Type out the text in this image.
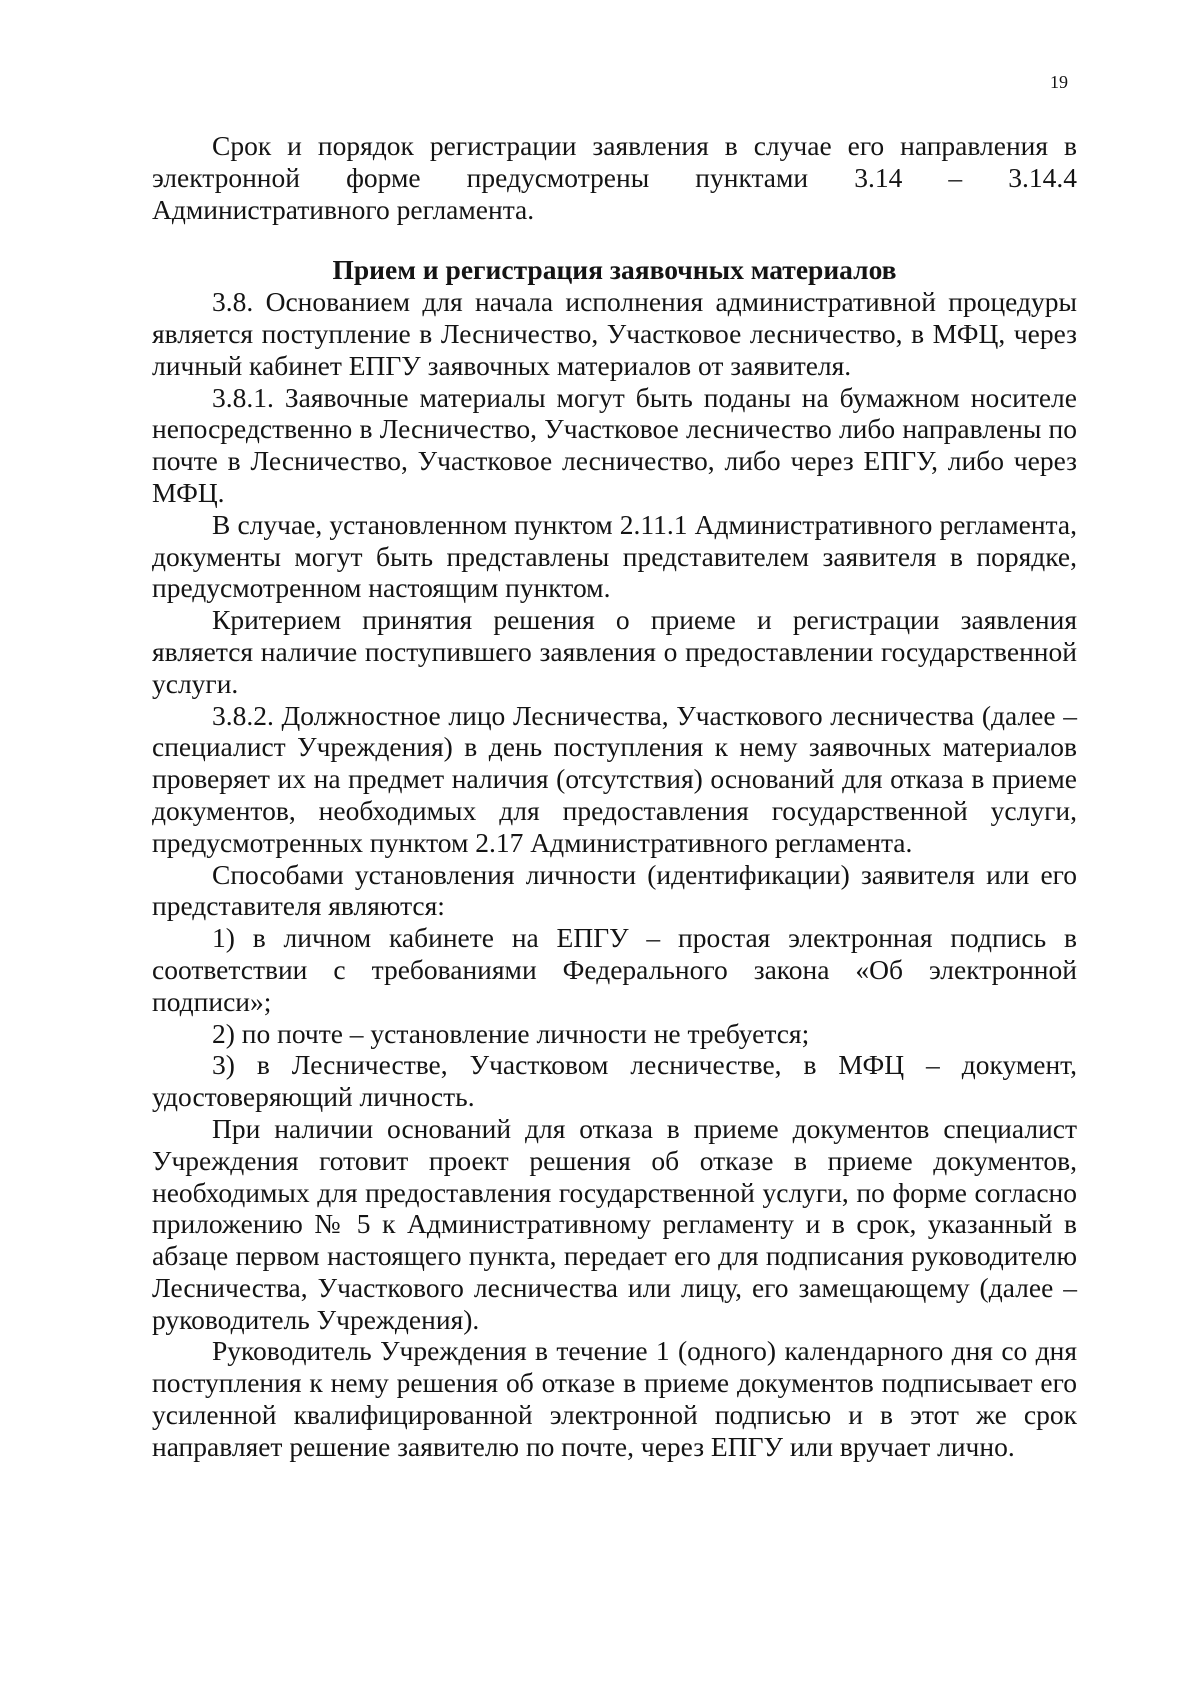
19

Срок и порядок регистрации заявления в случае его направления в электронной форме предусмотрены пунктами 3.14 – 3.14.4 Административного регламента.

Прием и регистрация заявочных материалов

3.8. Основанием для начала исполнения административной процедуры является поступление в Лесничество, Участковое лесничество, в МФЦ, через личный кабинет ЕПГУ заявочных материалов от заявителя.

3.8.1. Заявочные материалы могут быть поданы на бумажном носителе непосредственно в Лесничество, Участковое лесничество либо направлены по почте в Лесничество, Участковое лесничество, либо через ЕПГУ, либо через МФЦ.

В случае, установленном пунктом 2.11.1 Административного регламента, документы могут быть представлены представителем заявителя в порядке, предусмотренном настоящим пунктом.

Критерием принятия решения о приеме и регистрации заявления является наличие поступившего заявления о предоставлении государственной услуги.

3.8.2. Должностное лицо Лесничества, Участкового лесничества (далее – специалист Учреждения) в день поступления к нему заявочных материалов проверяет их на предмет наличия (отсутствия) оснований для отказа в приеме документов, необходимых для предоставления государственной услуги, предусмотренных пунктом 2.17 Административного регламента.

Способами установления личности (идентификации) заявителя или его представителя являются:

1) в личном кабинете на ЕПГУ – простая электронная подпись в соответствии с требованиями Федерального закона «Об электронной подписи»;

2) по почте – установление личности не требуется;

3) в Лесничестве, Участковом лесничестве, в МФЦ – документ, удостоверяющий личность.

При наличии оснований для отказа в приеме документов специалист Учреждения готовит проект решения об отказе в приеме документов, необходимых для предоставления государственной услуги, по форме согласно приложению № 5 к Административному регламенту и в срок, указанный в абзаце первом настоящего пункта, передает его для подписания руководителю Лесничества, Участкового лесничества или лицу, его замещающему (далее – руководитель Учреждения).

Руководитель Учреждения в течение 1 (одного) календарного дня со дня поступления к нему решения об отказе в приеме документов подписывает его усиленной квалифицированной электронной подписью и в этот же срок направляет решение заявителю по почте, через ЕПГУ или вручает лично.
